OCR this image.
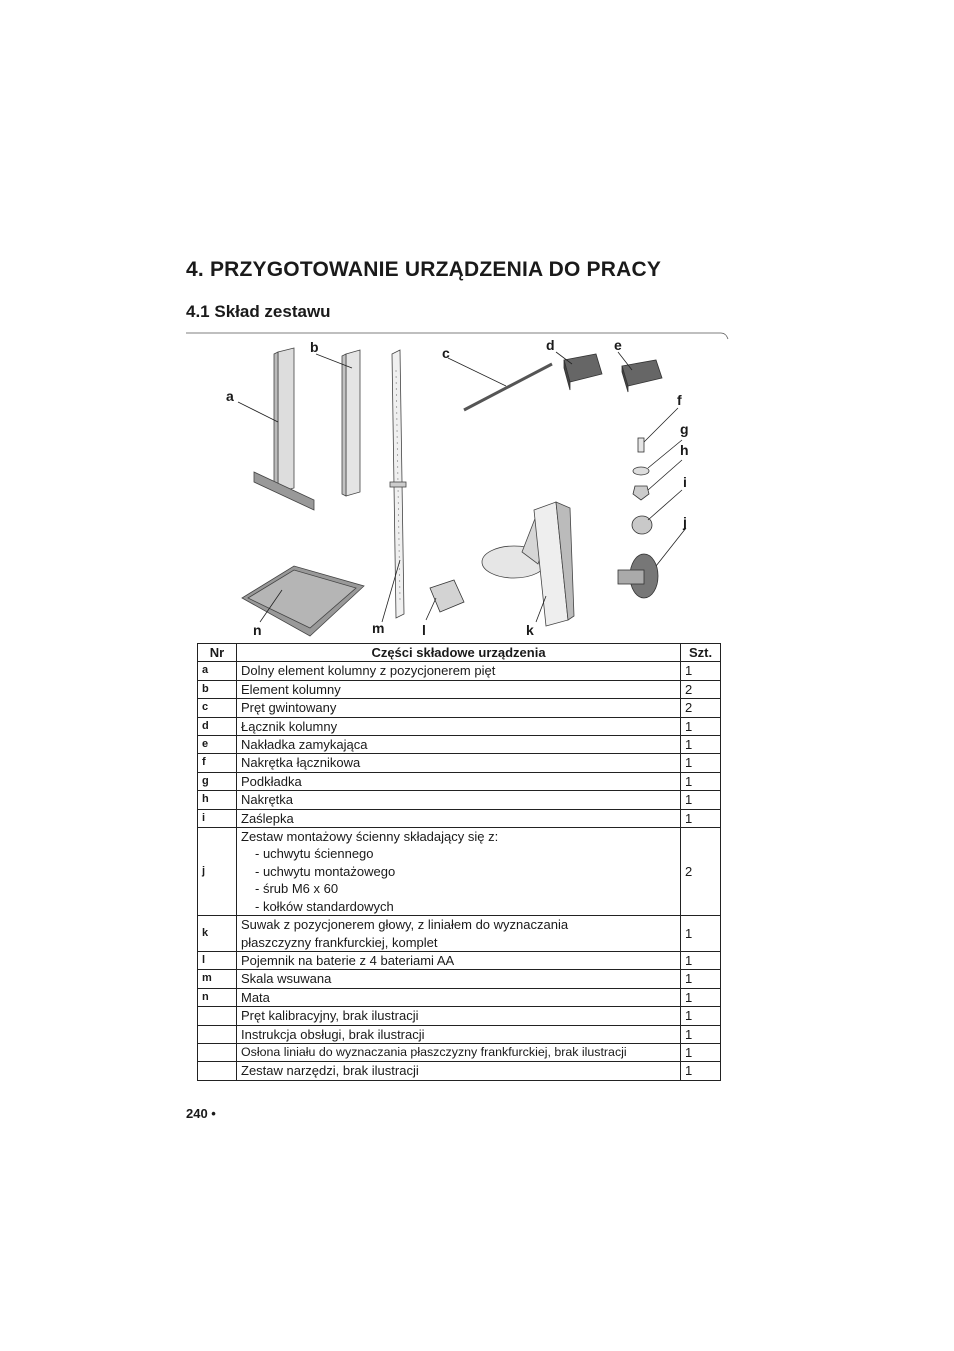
4. PRZYGOTOWANIE URZĄDZENIA DO PRACY
4.1 Skład zestawu
a
b	c	d	e
f
g
h
i
j
k
l
m
n
Nr	Części składowe urządzenia	Szt.
a	Dolny element kolumny z pozycjonerem pięt	1
b	Element kolumny	2
c	Pręt gwintowany	2
d	Łącznik kolumny	1
e	Nakładka zamykająca	1
f	Nakrętka łącznikowa	1
g	Podkładka	1
h	Nakrętka	1
i	Zaślepka	1
j	Zestaw montażowy ścienny składający się z:
- uchwytu ściennego
- uchwytu montażowego
- śrub M6 x 60
- kołków standardowych	2
k	Suwak z pozycjonerem głowy, z liniałem do wyznaczania
płaszczyzny frankfurckiej, komplet	1
l	Pojemnik na baterie z 4 bateriami AA	1
m	Skala wsuwana	1
n	Mata	1
	Pręt kalibracyjny, brak ilustracji	1
	Instrukcja obsługi, brak ilustracji	1
	Osłona liniału do wyznaczania płaszczyzny frankfurckiej, brak ilustracji	1
	Zestaw narzędzi, brak ilustracji	1
240 •
